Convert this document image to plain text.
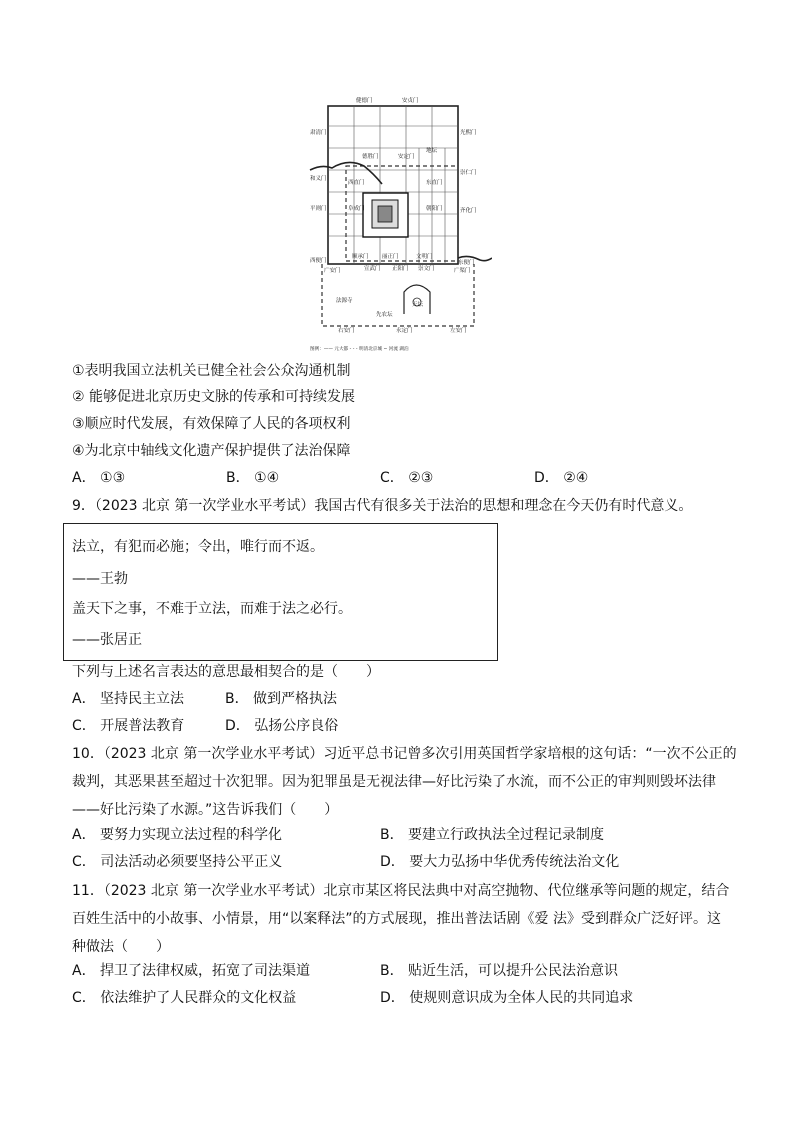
健德门	安贞门
肃清门
和义门
平则门
西便门
光熙门
崇仁门
齐化门
东便门
广安门
右安门	永定门	左安门
广渠门
德胜门	安定门
西直门
阜成门	朝阳门
东直门
宣武门 正阳门 崇文门
顺承门 丽正门	文明门
天坛
先农坛
法源寺
地坛
图例：—— 元大都 - - - 明清北京城 ∽ 河流 湖泊
①表明我国立法机关已健全社会公众沟通机制
② 能够促进北京历史文脉的传承和可持续发展
③顺应时代发展，有效保障了人民的各项权利
④为北京中轴线文化遗产保护提供了法治保障
A． ①③	B． ①④	C． ②③	D． ②④
9．（2023 北京 第一次学业水平考试）我国古代有很多关于法治的思想和理念在今天仍有时代意义。
法立，有犯而必施；令出，唯行而不返。
——王勃
盖天下之事，不难于立法，而难于法之必行。
——张居正
下列与上述名言表达的意思最相契合的是（　　）
A． 坚持民主立法	B． 做到严格执法
C． 开展普法教育	D． 弘扬公序良俗
10．（2023 北京 第一次学业水平考试）习近平总书记曾多次引用英国哲学家培根的这句话：“一次不公正的
裁判，其恶果甚至超过十次犯罪。因为犯罪虽是无视法律—好比污染了水流，而不公正的审判则毁坏法律
——好比污染了水源。”这告诉我们（　　）
A． 要努力实现立法过程的科学化	B． 要建立行政执法全过程记录制度
C． 司法活动必须要坚持公平正义	D． 要大力弘扬中华优秀传统法治文化
11．（2023 北京 第一次学业水平考试）北京市某区将民法典中对高空抛物、代位继承等问题的规定，结合
百姓生活中的小故事、小情景，用“以案释法”的方式展现，推出普法话剧《爱 法》受到群众广泛好评。这
种做法（　　）
A． 捍卫了法律权威，拓宽了司法渠道	B． 贴近生活，可以提升公民法治意识
C． 依法维护了人民群众的文化权益	D． 使规则意识成为全体人民的共同追求
